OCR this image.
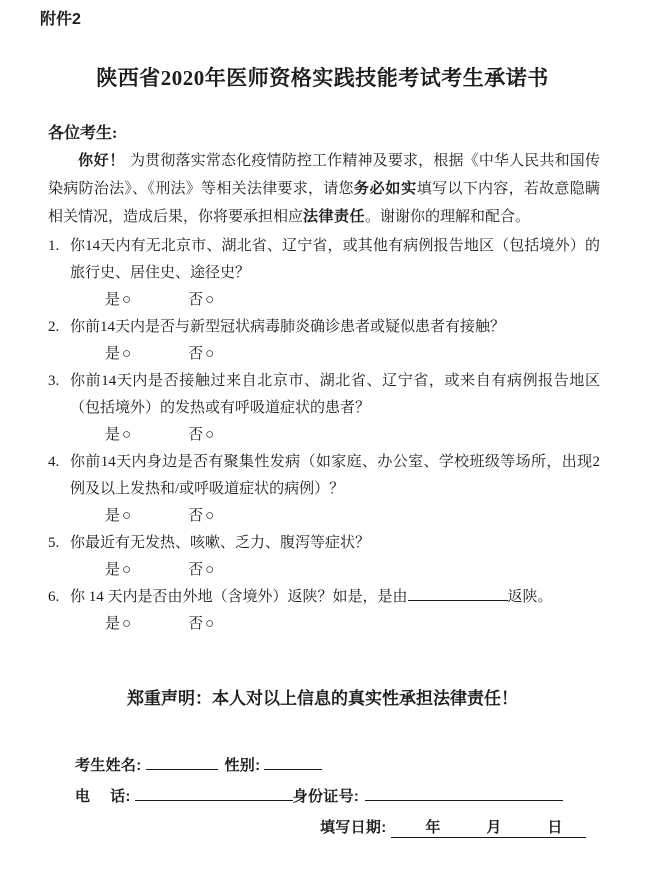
附件2
陕西省2020年医师资格实践技能考试考生承诺书
各位考生:

你好！ 为贯彻落实常态化疫情防控工作精神及要求，根据《中华人民共和国传染病防治法》、《刑法》等相关法律要求，请您务必如实填写以下内容，若故意隐瞒相关情况，造成后果，你将要承担相应法律责任。谢谢你的理解和配合。

1. 你14天内有无北京市、湖北省、辽宁省，或其他有病例报告地区（包括境外）的旅行史、居住史、途径史？
是 ○	否 ○
2. 你前14天内是否与新型冠状病毒肺炎确诊患者或疑似患者有接触？
是 ○	否 ○
3. 你前14天内是否接触过来自北京市、湖北省、辽宁省，或来自有病例报告地区（包括境外）的发热或有呼吸道症状的患者？
是 ○	否 ○
4. 你前14天内身边是否有聚集性发病（如家庭、办公室、学校班级等场所，出现2例及以上发热和/或呼吸道症状的病例）？
是 ○	否 ○
5. 你最近有无发热、咳嗽、乏力、腹泻等症状？
是 ○	否 ○
6. 你 14 天内是否由外地（含境外）返陕？如是，是由	返陕。
是 ○	否 ○
郑重声明：本人对以上信息的真实性承担法律责任！
考生姓名:	性别:
电　 话:	身份证号:
填写日期:	年	月	日
